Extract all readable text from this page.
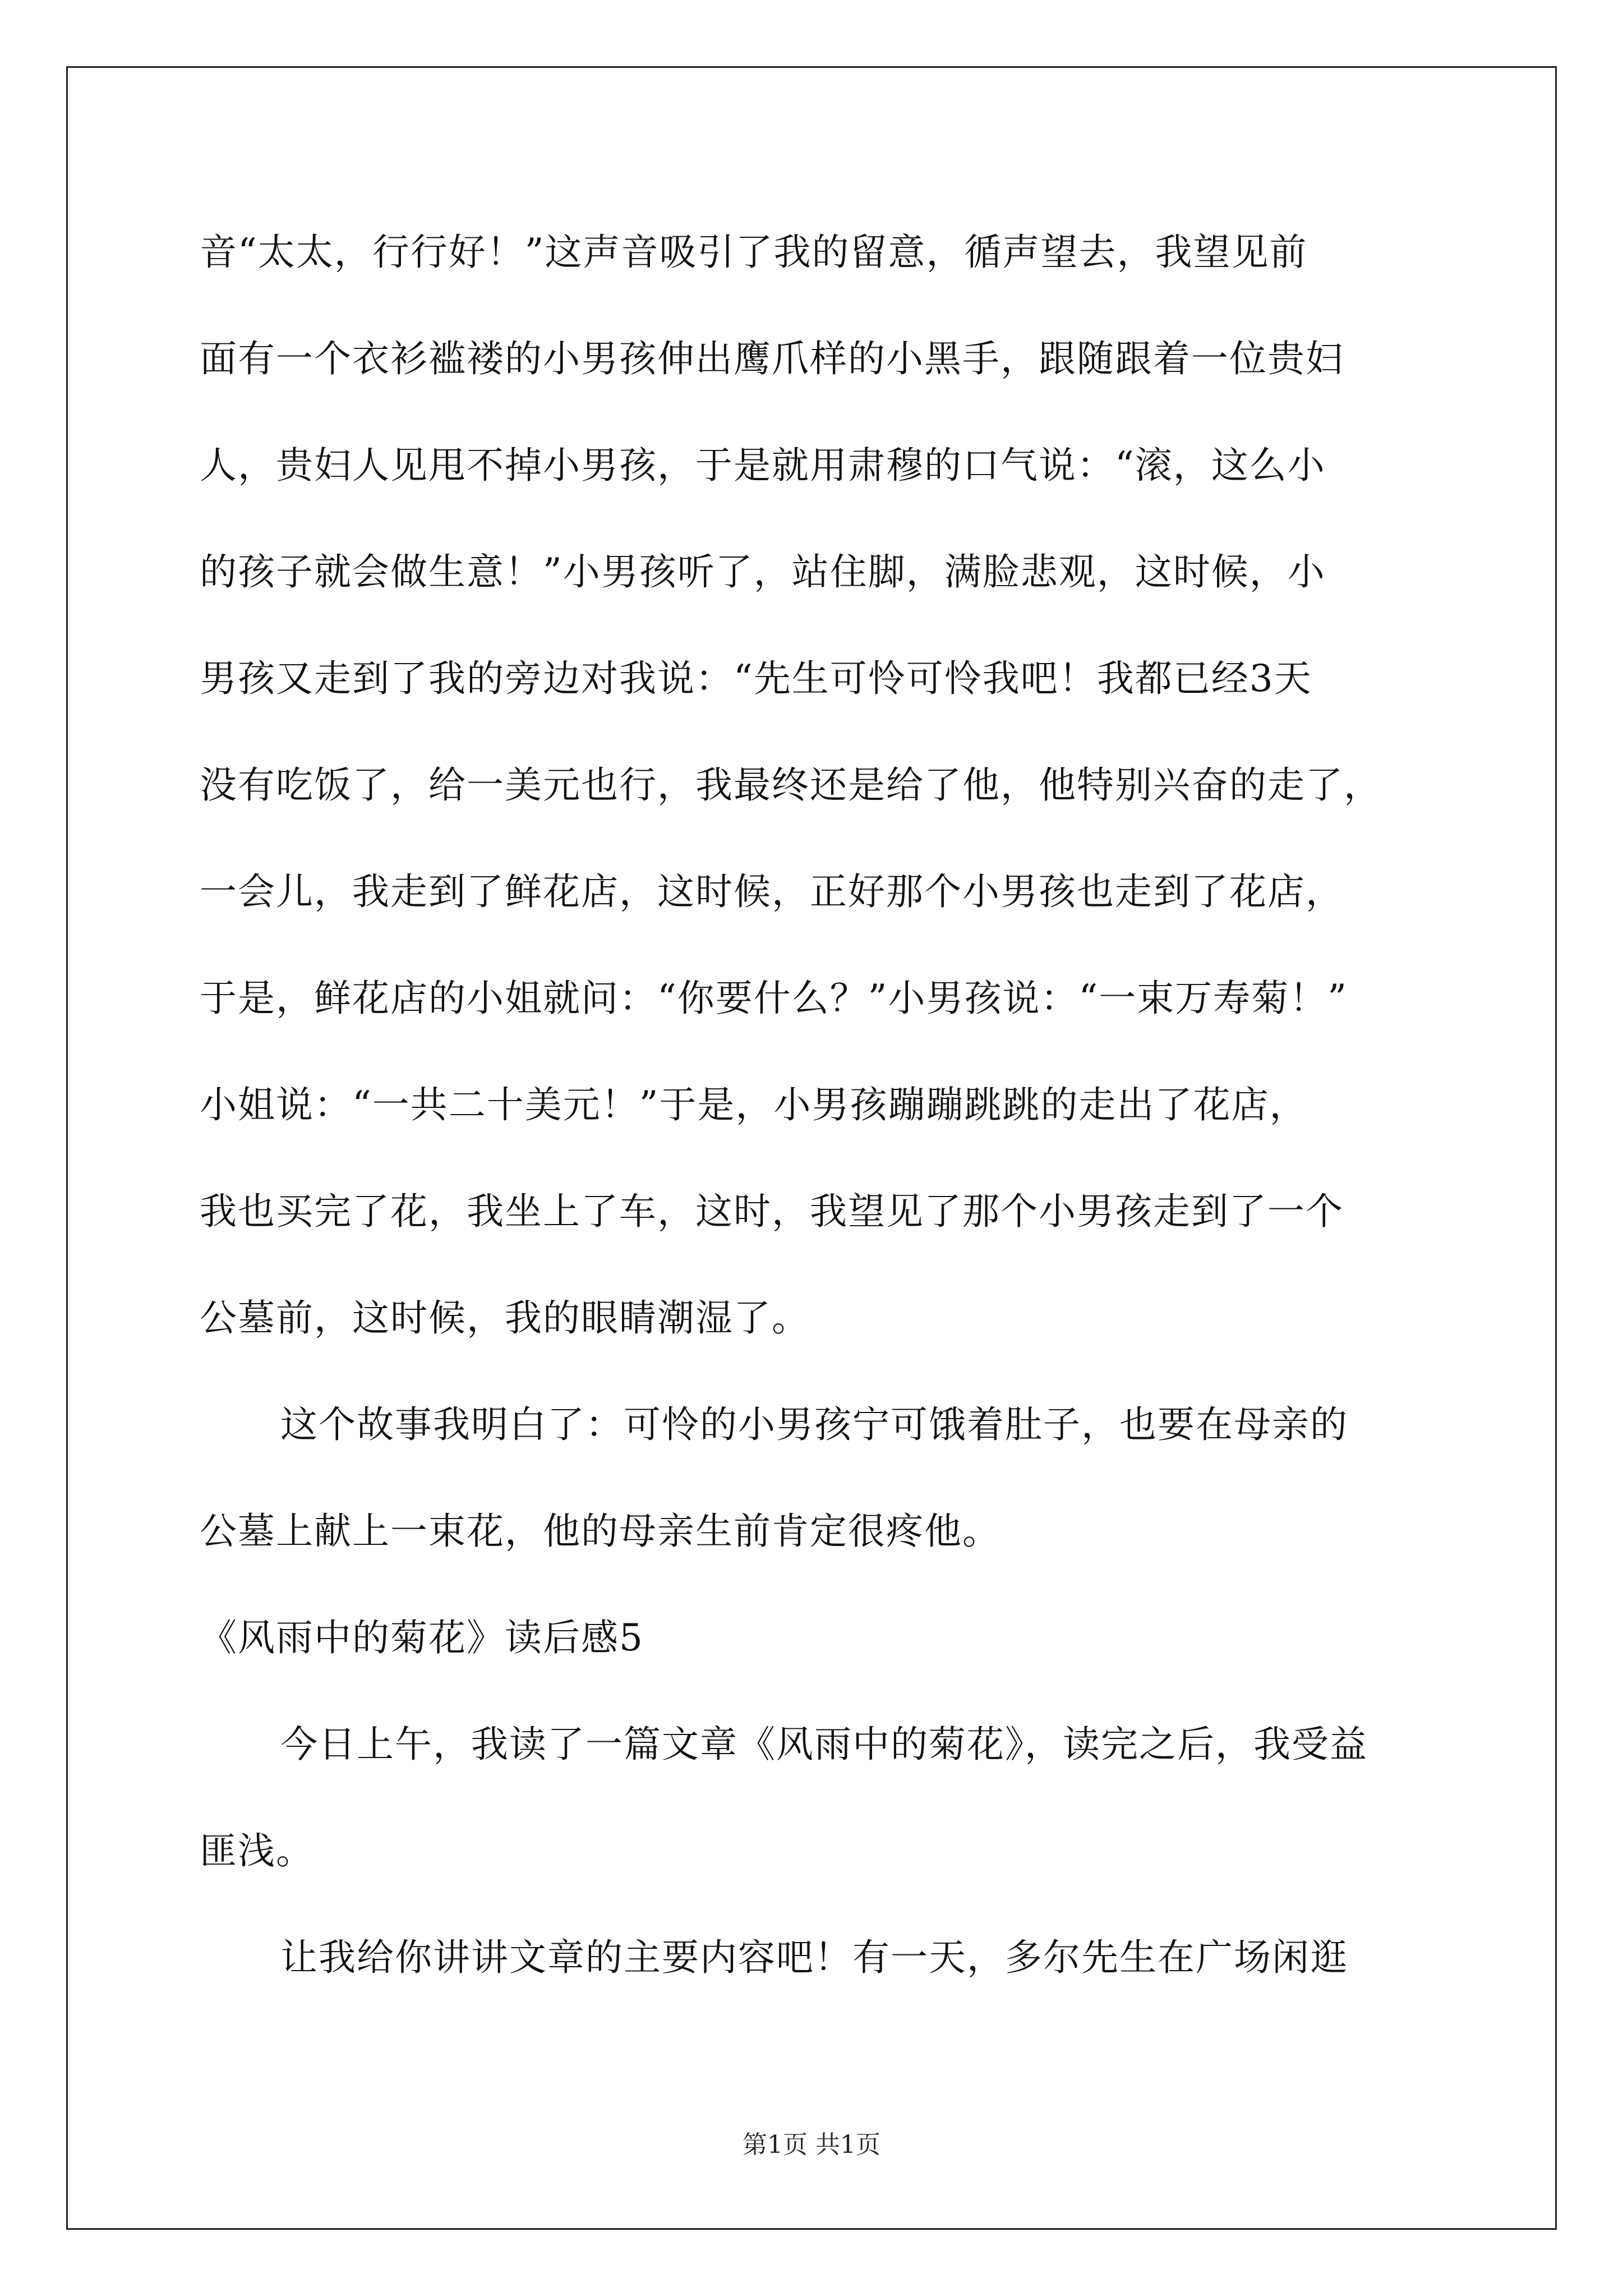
音“太太，行行好！”这声音吸引了我的留意，循声望去，我望见前
面有一个衣衫褴褛的小男孩伸出鹰爪样的小黑手，跟随跟着一位贵妇
人，贵妇人见甩不掉小男孩，于是就用肃穆的口气说：“滚，这么小
的孩子就会做生意！”小男孩听了，站住脚，满脸悲观，这时候，小
男孩又走到了我的旁边对我说：“先生可怜可怜我吧！我都已经3天
没有吃饭了，给一美元也行，我最终还是给了他，他特别兴奋的走了，
一会儿，我走到了鲜花店，这时候，正好那个小男孩也走到了花店，
于是，鲜花店的小姐就问：“你要什么？”小男孩说：“一束万寿菊！”
小姐说：“一共二十美元！”于是，小男孩蹦蹦跳跳的走出了花店，
我也买完了花，我坐上了车，这时，我望见了那个小男孩走到了一个
公墓前，这时候，我的眼睛潮湿了。
这个故事我明白了：可怜的小男孩宁可饿着肚子，也要在母亲的
公墓上献上一束花，他的母亲生前肯定很疼他。
《风雨中的菊花》读后感5
今日上午，我读了一篇文章《风雨中的菊花》，读完之后，我受益
匪浅。
让我给你讲讲文章的主要内容吧！有一天，多尔先生在广场闲逛
第1页 共1页
